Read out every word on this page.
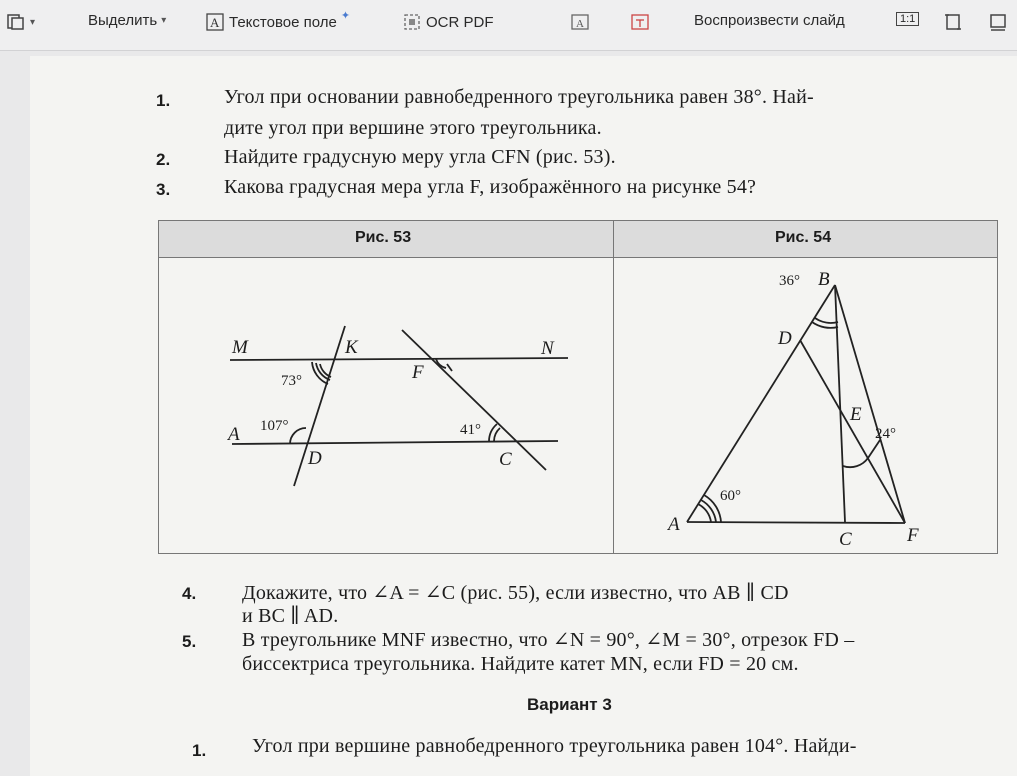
▾	Выделить ▾	A Текстовое поле ✦	OCR PDF	A	Воспроизвести слайд	1:1
1.	Угол при основании равнобедренного треугольника равен 38°. Най-
дите угол при вершине этого треугольника.
2.	Найдите градусную меру угла CFN (рис. 53).
3.	Какова градусная мера угла F, изображённого на рисунке 54?
Рис. 53	Рис. 54
M	K	N
F
A
D	C
73°
107°	41°
B
D
E
A
C	F
36°
24°
60°
4. Докажите, что ∠A = ∠C (рис. 55), если известно, что AB ∥ CD
и BC ∥ AD.
5. В треугольнике MNF известно, что ∠N = 90°, ∠M = 30°, отрезок FD –
биссектриса треугольника. Найдите катет MN, если FD = 20 см.
Вариант 3
1. Угол при вершине равнобедренного треугольника равен 104°. Найди-
